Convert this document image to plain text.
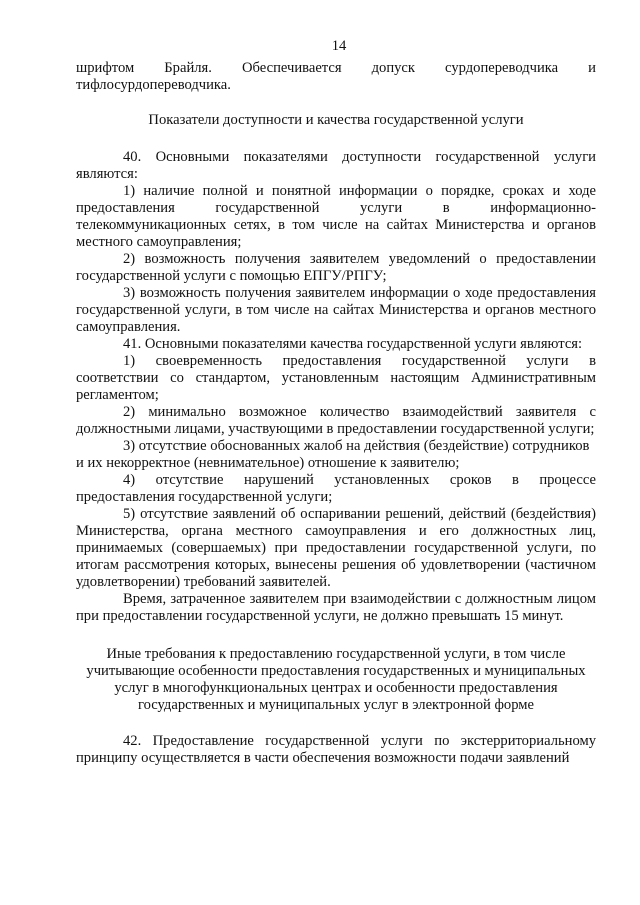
14

шрифтом Брайля. Обеспечивается допуск сурдопереводчика и тифлосурдопереводчика.

Показатели доступности и качества государственной услуги

40. Основными показателями доступности государственной услуги являются:

1) наличие полной и понятной информации о порядке, сроках и ходе предоставления государственной услуги в информационно-телекоммуникационных сетях, в том числе на сайтах Министерства и органов местного самоуправления;

2) возможность получения заявителем уведомлений о предоставлении государственной услуги с помощью ЕПГУ/РПГУ;

3) возможность получения заявителем информации о ходе предоставления государственной услуги, в том числе на сайтах Министерства и органов местного самоуправления.

41. Основными показателями качества государственной услуги являются:

1) своевременность предоставления государственной услуги в соответствии со стандартом, установленным настоящим Административным регламентом;

2) минимально возможное количество взаимодействий заявителя с должностными лицами, участвующими в предоставлении государственной услуги;

3) отсутствие обоснованных жалоб на действия (бездействие) сотрудников

и их некорректное (невнимательное) отношение к заявителю;

4) отсутствие нарушений установленных сроков в процессе предоставления государственной услуги;

5) отсутствие заявлений об оспаривании решений, действий (бездействия) Министерства, органа местного самоуправления и его должностных лиц, принимаемых (совершаемых) при предоставлении государственной услуги, по итогам рассмотрения которых, вынесены решения об удовлетворении (частичном удовлетворении) требований заявителей.

Время, затраченное заявителем при взаимодействии с должностным лицом при предоставлении государственной услуги, не должно превышать 15 минут.

Иные требования к предоставлению государственной услуги, в том числе
учитывающие особенности предоставления государственных и муниципальных
услуг в многофункциональных центрах и особенности предоставления
государственных и муниципальных услуг в электронной форме

42. Предоставление государственной услуги по экстерриториальному принципу осуществляется в части обеспечения возможности подачи заявлений
